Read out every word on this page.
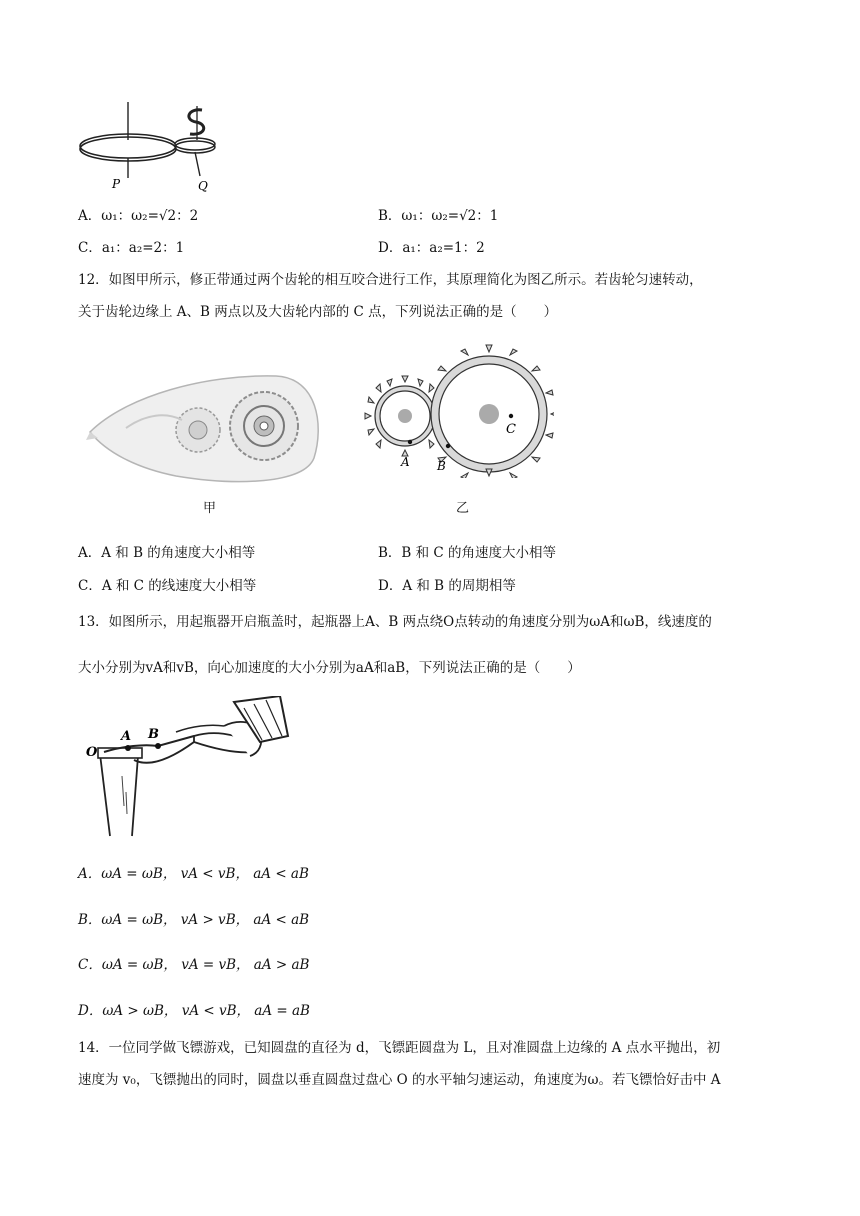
P	Q
A．ω₁：ω₂=√2：2	B．ω₁：ω₂=√2：1
C．a₁：a₂=2：1	D．a₁：a₂=1：2
12．如图甲所示，修正带通过两个齿轮的相互咬合进行工作，其原理简化为图乙所示。若齿轮匀速转动，
关于齿轮边缘上 A、B 两点以及大齿轮内部的 C 点，下列说法正确的是（　　）
甲
A B
C
乙
A．A 和 B 的角速度大小相等	B．B 和 C 的角速度大小相等
C．A 和 C 的线速度大小相等	D．A 和 B 的周期相等
13．如图所示，用起瓶器开启瓶盖时，起瓶器上A、B 两点绕O点转动的角速度分别为ωA和ωB，线速度的
大小分别为vA和vB，向心加速度的大小分别为aA和aB，下列说法正确的是（　　）
O
A B
A．ωA = ωB， vA < vB， aA < aB
B．ωA = ωB， vA > vB， aA < aB
C．ωA = ωB， vA = vB， aA > aB
D．ωA > ωB， vA < vB， aA = aB
14．一位同学做飞镖游戏，已知圆盘的直径为 d，飞镖距圆盘为 L，且对准圆盘上边缘的 A 点水平抛出，初
速度为 v₀，飞镖抛出的同时，圆盘以垂直圆盘过盘心 O 的水平轴匀速运动，角速度为ω。若飞镖恰好击中 A
